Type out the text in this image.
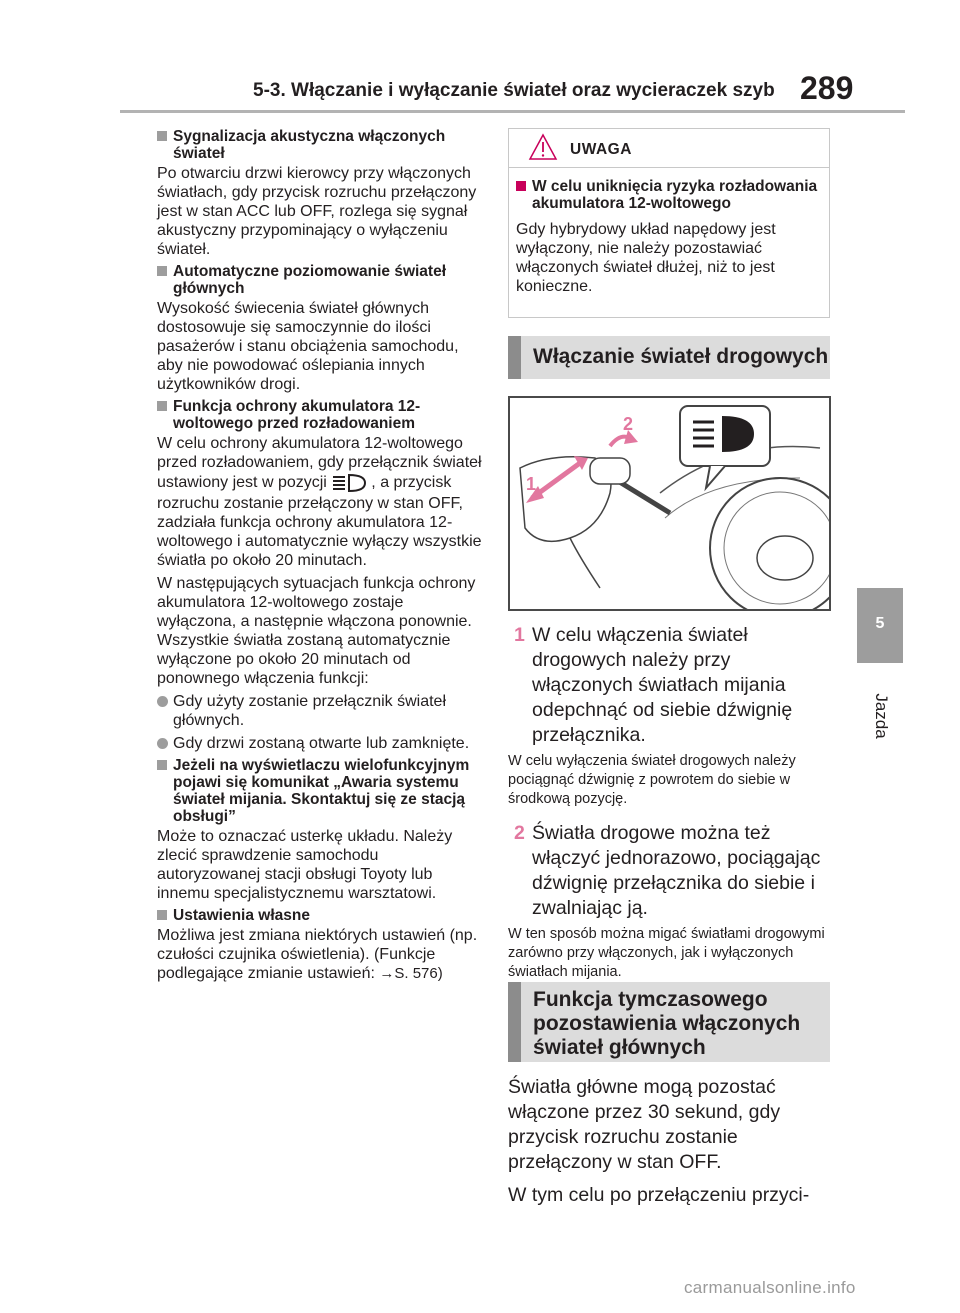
5-3. Włączanie i wyłączanie świateł oraz wycieraczek szyb 289
5
Jazda

Sygnalizacja akustyczna włączonych świateł

Po otwarciu drzwi kierowcy przy włączonych światłach, gdy przycisk rozruchu przełączony jest w stan ACC lub OFF, rozlega się sygnał akustyczny przypominający o wyłączeniu świateł.

Automatyczne poziomowanie świateł głównych

Wysokość świecenia świateł głównych dostosowuje się samoczynnie do ilości pasażerów i stanu obciążenia samochodu, aby nie powodować oślepiania innych użytkowników drogi.

Funkcja ochrony akumulatora 12-woltowego przed rozładowaniem

W celu ochrony akumulatora 12-woltowego przed rozładowaniem, gdy przełącznik świateł ustawiony jest w pozycji	, a przycisk rozruchu zostanie przełączony w stan OFF, zadziała funkcja ochrony akumulatora 12-woltowego i automatycznie wyłączy wszystkie światła po około 20 minutach.

W następujących sytuacjach funkcja ochrony akumulatora 12-woltowego zostaje wyłączona, a następnie włączona ponownie. Wszystkie światła zostaną automatycznie wyłączone po około 20 minutach od ponownego włączenia funkcji:

Gdy użyty zostanie przełącznik świateł głównych.
Gdy drzwi zostaną otwarte lub zamknięte.

Jeżeli na wyświetlaczu wielofunkcyjnym pojawi się komunikat „Awaria systemu świateł mijania. Skontaktuj się ze stacją obsługi”

Może to oznaczać usterkę układu. Należy zlecić sprawdzenie samochodu autoryzowanej stacji obsługi Toyoty lub innemu specjalistycznemu warsztatowi.

Ustawienia własne

Możliwa jest zmiana niektórych ustawień (np. czułości czujnika oświetlenia). (Funkcje podlegające zmianie ustawień: →S. 576)

UWAGA

W celu uniknięcia ryzyka rozładowania akumulatora 12-woltowego

Gdy hybrydowy układ napędowy jest wyłączony, nie należy pozostawiać włączonych świateł dłużej, niż to jest konieczne.

Włączanie świateł drogowych
1
2

1 W celu włączenia świateł drogowych należy przy włączonych światłach mijania odepchnąć od siebie dźwignię przełącznika.

W celu wyłączenia świateł drogowych należy pociągnąć dźwignię z powrotem do siebie w środkową pozycję.

2 Światła drogowe można też włączyć jednorazowo, pociągając dźwignię przełącznika do siebie i zwalniając ją.

W ten sposób można migać światłami drogowymi zarówno przy włączonych, jak i wyłączonych światłach mijania.

Funkcja tymczasowego pozostawienia włączonych świateł głównych

Światła główne mogą pozostać włączone przez 30 sekund, gdy przycisk rozruchu zostanie przełączony w stan OFF.

W tym celu po przełączeniu przyci-

carmanualsonline.info
